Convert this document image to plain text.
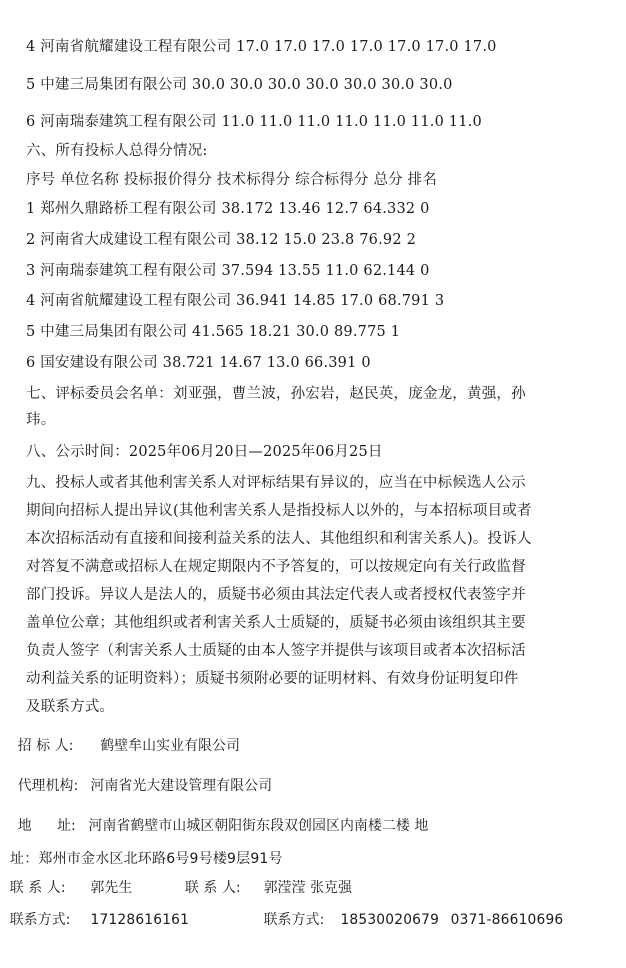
4 河南省航耀建设工程有限公司 17.0 17.0 17.0 17.0 17.0 17.0 17.0
5 中建三局集团有限公司 30.0 30.0 30.0 30.0 30.0 30.0 30.0
6 河南瑞泰建筑工程有限公司 11.0 11.0 11.0 11.0 11.0 11.0 11.0
六、所有投标人总得分情况:
序号 单位名称 投标报价得分 技术标得分 综合标得分 总分 排名
1 郑州久鼎路桥工程有限公司 38.172 13.46 12.7 64.332 0
2 河南省大成建设工程有限公司 38.12 15.0 23.8 76.92 2
3 河南瑞泰建筑工程有限公司 37.594 13.55 11.0 62.144 0
4 河南省航耀建设工程有限公司 36.941 14.85 17.0 68.791 3
5 中建三局集团有限公司 41.565 18.21 30.0 89.775 1
6 国安建设有限公司 38.721 14.67 13.0 66.391 0
七、评标委员会名单：刘亚强，曹兰波，孙宏岩，赵民英，庞金龙，黄强，孙
玮。
八、公示时间：2025年06月20日—2025年06月25日
九、投标人或者其他利害关系人对评标结果有异议的，应当在中标候选人公示
期间向招标人提出异议(其他利害关系人是指投标人以外的，与本招标项目或者
本次招标活动有直接和间接利益关系的法人、其他组织和利害关系人)。投诉人
对答复不满意或招标人在规定期限内不予答复的，可以按规定向有关行政监督
部门投诉。异议人是法人的，质疑书必须由其法定代表人或者授权代表签字并
盖单位公章；其他组织或者利害关系人士质疑的，质疑书必须由该组织其主要
负责人签字（利害关系人士质疑的由本人签字并提供与该项目或者本次招标活
动利益关系的证明资料）；质疑书须附必要的证明材料、有效身份证明复印件
及联系方式。
招 标 人: 鹤壁牟山实业有限公司
代理机构: 河南省光大建设管理有限公司
地 址: 河南省鹤壁市山城区朝阳街东段双创园区内南楼二楼 地
址：郑州市金水区北环路6号9号楼9层91号
联 系 人: 郭先生	联 系 人: 郭滢滢 张克强
联系方式: 17128616161	联系方式: 18530020679 0371-86610696
